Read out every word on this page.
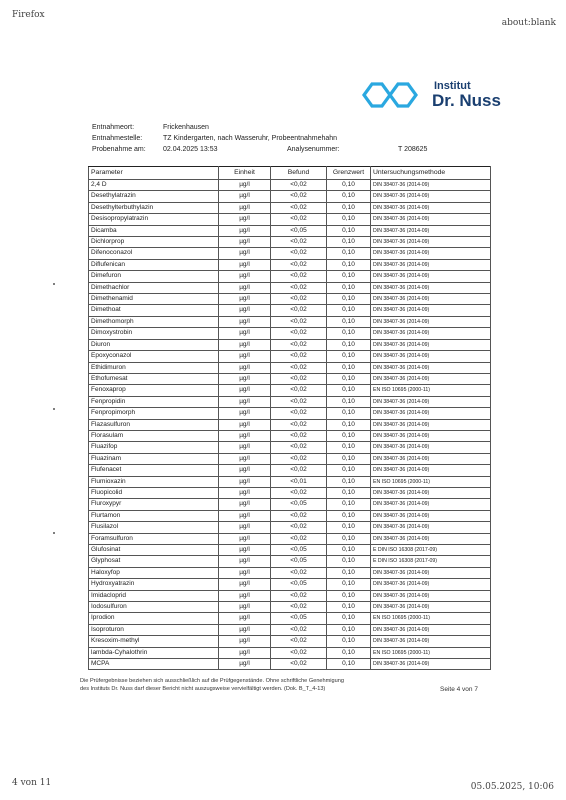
Firefox
about:blank
Institut
Dr. Nuss
Entnahmeort:	Frickenhausen
Entnahmestelle:	TZ Kindergarten, nach Wasseruhr, Probeentnahmehahn
Probenahme am: 02.04.2025 13:53	Analysenummer:	T 208625
Parameter	Einheit	Befund	Grenzwert	Untersuchungsmethode
2,4 D	µg/l	<0,02	0,10	DIN 38407-36 (2014-09)
Desethylatrazin	µg/l	<0,02	0,10	DIN 38407-36 (2014-09)
Desethylterbuthylazin	µg/l	<0,02	0,10	DIN 38407-36 (2014-09)
Desisopropylatrazin	µg/l	<0,02	0,10	DIN 38407-36 (2014-09)
Dicamba	µg/l	<0,05	0,10	DIN 38407-36 (2014-09)
Dichlorprop	µg/l	<0,02	0,10	DIN 38407-36 (2014-09)
Difenoconazol	µg/l	<0,02	0,10	DIN 38407-36 (2014-09)
Diflufenican	µg/l	<0,02	0,10	DIN 38407-36 (2014-09)
Dimefuron	µg/l	<0,02	0,10	DIN 38407-36 (2014-09)
Dimethachlor	µg/l	<0,02	0,10	DIN 38407-36 (2014-09)
Dimethenamid	µg/l	<0,02	0,10	DIN 38407-36 (2014-09)
Dimethoat	µg/l	<0,02	0,10	DIN 38407-36 (2014-09)
Dimethomorph	µg/l	<0,02	0,10	DIN 38407-36 (2014-09)
Dimoxystrobin	µg/l	<0,02	0,10	DIN 38407-36 (2014-09)
Diuron	µg/l	<0,02	0,10	DIN 38407-36 (2014-09)
Epoxyconazol	µg/l	<0,02	0,10	DIN 38407-36 (2014-09)
Ethidimuron	µg/l	<0,02	0,10	DIN 38407-36 (2014-09)
Ethofumesat	µg/l	<0,02	0,10	DIN 38407-36 (2014-09)
Fenoxaprop	µg/l	<0,02	0,10	EN ISO 10695 (2000-11)
Fenpropidin	µg/l	<0,02	0,10	DIN 38407-36 (2014-09)
Fenpropimorph	µg/l	<0,02	0,10	DIN 38407-36 (2014-09)
Flazasulfuron	µg/l	<0,02	0,10	DIN 38407-36 (2014-09)
Florasulam	µg/l	<0,02	0,10	DIN 38407-36 (2014-09)
Fluazifop	µg/l	<0,02	0,10	DIN 38407-36 (2014-09)
Fluazinam	µg/l	<0,02	0,10	DIN 38407-36 (2014-09)
Flufenacet	µg/l	<0,02	0,10	DIN 38407-36 (2014-09)
Flumioxazin	µg/l	<0,01	0,10	EN ISO 10695 (2000-11)
Fluopicolid	µg/l	<0,02	0,10	DIN 38407-36 (2014-09)
Fluroxypyr	µg/l	<0,05	0,10	DIN 38407-36 (2014-09)
Flurtamon	µg/l	<0,02	0,10	DIN 38407-36 (2014-09)
Flusilazol	µg/l	<0,02	0,10	DIN 38407-36 (2014-09)
Foramsulfuron	µg/l	<0,02	0,10	DIN 38407-36 (2014-09)
Glufosinat	µg/l	<0,05	0,10	E DIN ISO 16308 (2017-09)
Glyphosat	µg/l	<0,05	0,10	E DIN ISO 16308 (2017-09)
Haloxyfop	µg/l	<0,02	0,10	DIN 38407-36 (2014-09)
Hydroxyatrazin	µg/l	<0,05	0,10	DIN 38407-36 (2014-09)
Imidacloprid	µg/l	<0,02	0,10	DIN 38407-36 (2014-09)
Iodosulfuron	µg/l	<0,02	0,10	DIN 38407-36 (2014-09)
Iprodion	µg/l	<0,05	0,10	EN ISO 10695 (2000-11)
Isoproturon	µg/l	<0,02	0,10	DIN 38407-36 (2014-09)
Kresoxim-methyl	µg/l	<0,02	0,10	DIN 38407-36 (2014-09)
lambda-Cyhalothrin	µg/l	<0,02	0,10	EN ISO 10695 (2000-11)
MCPA	µg/l	<0,02	0,10	DIN 38407-36 (2014-09)
Die Prüfergebnisse beziehen sich ausschließlich auf die Prüfgegenstände. Ohne schriftliche Genehmigung
des Instituts Dr. Nuss darf dieser Bericht nicht auszugsweise vervielfältigt werden. (Dok. B_T_4-13)	Seite 4 von 7
4 von 11	05.05.2025, 10:06
